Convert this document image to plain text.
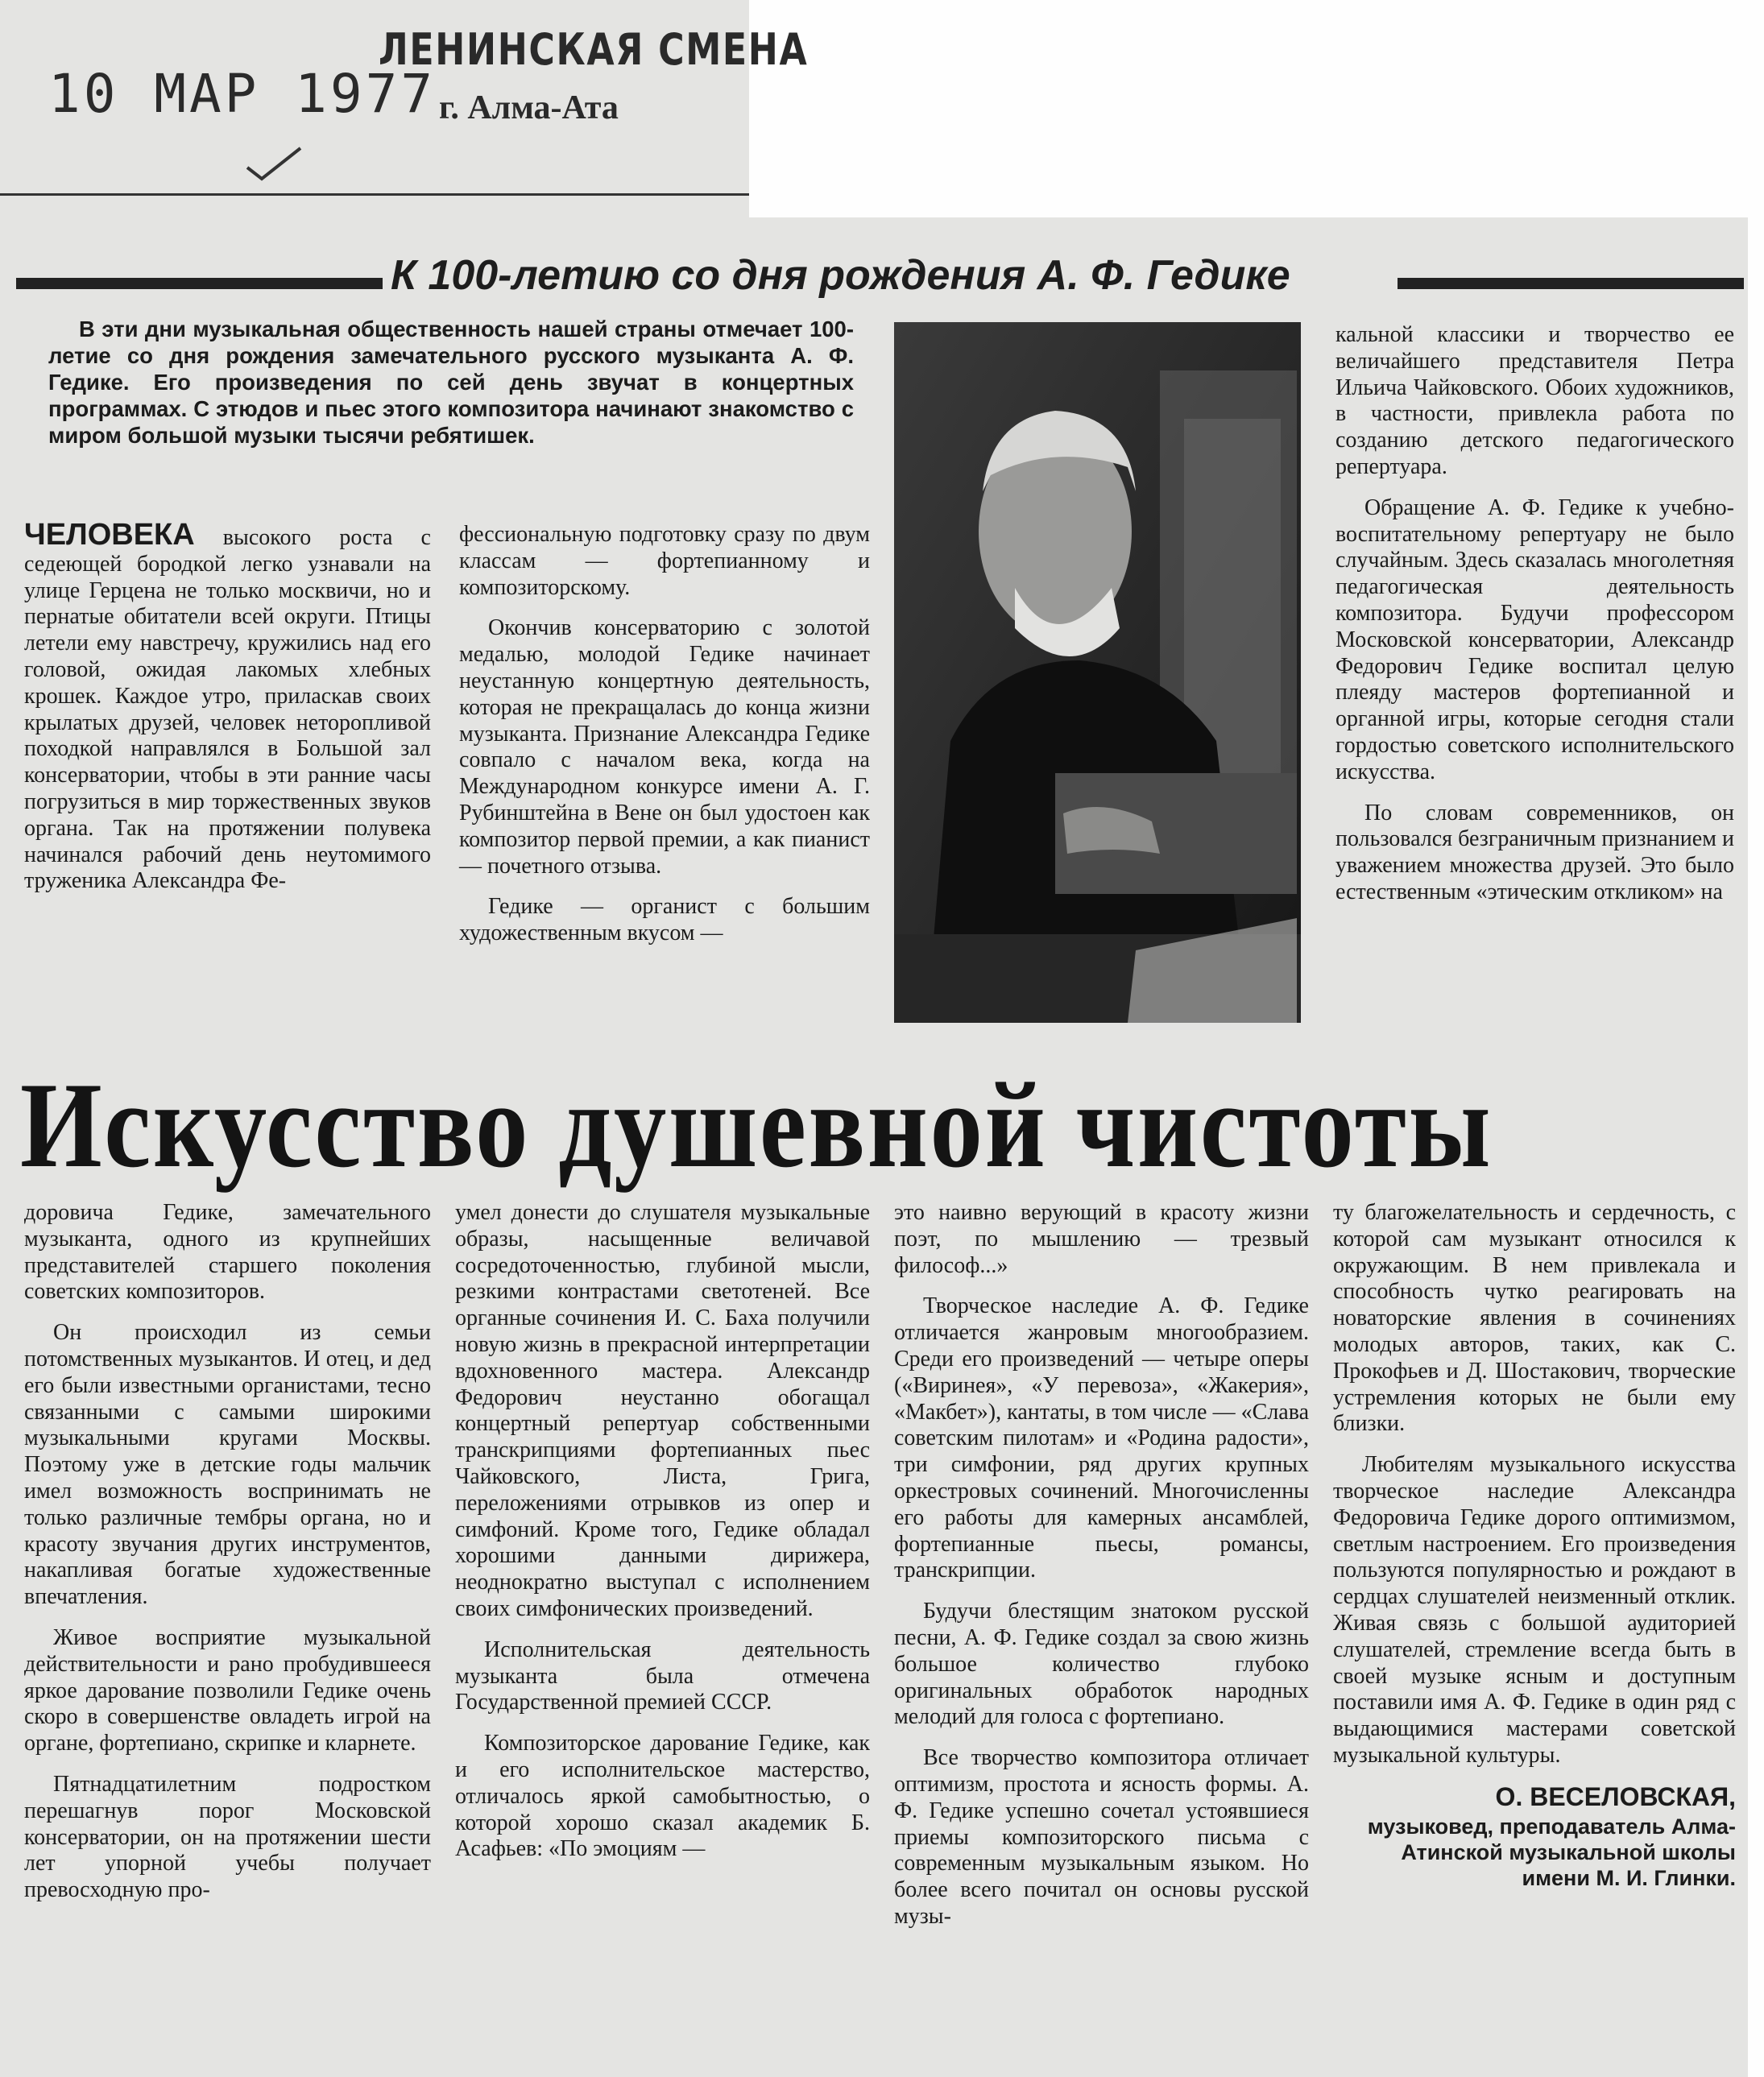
10 МАР 1977
ЛЕНИНСКАЯ СМЕНА
г. Алма-Ата
К 100-летию со дня рождения А. Ф. Гедике
В эти дни музыкальная общественность нашей страны отмечает 100-летие со дня рождения замечательного русского музыканта А. Ф. Гедике. Его произведения по сей день звучат в концертных программах. С этюдов и пьес этого композитора начинают знакомство с миром большой музыки тысячи ребятишек.

ЧЕЛОВЕКА высокого роста с седеющей бородкой легко узнавали на улице Герцена не только москвичи, но и пернатые обитатели всей округи. Птицы летели ему навстречу, кружились над его головой, ожидая лакомых хлебных крошек. Каждое утро, приласкав своих крылатых друзей, человек неторопливой походкой направлялся в Большой зал консерватории, чтобы в эти ранние часы погрузиться в мир торжественных звуков органа. Так на протяжении полувека начинался рабочий день неутомимого труженика Александра Фе-

фессиональную подготовку сразу по двум классам — фортепианному и композиторскому.

Окончив консерваторию с золотой медалью, молодой Гедике начинает неустанную концертную деятельность, которая не прекращалась до конца жизни музыканта. Признание Александра Гедике совпало с началом века, когда на Международном конкурсе имени А. Г. Рубинштейна в Вене он был удостоен как композитор первой премии, а как пианист — почетного отзыва.

Гедике — органист с большим художественным вкусом —

кальной классики и творчество ее величайшего представителя Петра Ильича Чайковского. Обоих художников, в частности, привлекла работа по созданию детского педагогического репертуара.

Обращение А. Ф. Гедике к учебно-воспитательному репертуару не было случайным. Здесь сказалась многолетняя педагогическая деятельность композитора. Будучи профессором Московской консерватории, Александр Федорович Гедике воспитал целую плеяду мастеров фортепианной и органной игры, которые сегодня стали гордостью советского исполнительского искусства.

По словам современников, он пользовался безграничным признанием и уважением множества друзей. Это было естественным «этическим откликом» на

Искусство душевной чистоты

доровича Гедике, замечательного музыканта, одного из крупнейших представителей старшего поколения советских композиторов.

Он происходил из семьи потомственных музыкантов. И отец, и дед его были известными органистами, тесно связанными с самыми широкими музыкальными кругами Москвы. Поэтому уже в детские годы мальчик имел возможность воспринимать не только различные тембры органа, но и красоту звучания других инструментов, накапливая богатые художественные впечатления.

Живое восприятие музыкальной действительности и рано пробудившееся яркое дарование позволили Гедике очень скоро в совершенстве овладеть игрой на органе, фортепиано, скрипке и кларнете.

Пятнадцатилетним подростком перешагнув порог Московской консерватории, он на протяжении шести лет упорной учебы получает превосходную про-

умел донести до слушателя музыкальные образы, насыщенные величавой сосредоточенностью, глубиной мысли, резкими контрастами светотеней. Все органные сочинения И. С. Баха получили новую жизнь в прекрасной интерпретации вдохновенного мастера. Александр Федорович неустанно обогащал концертный репертуар собственными транскрипциями фортепианных пьес Чайковского, Листа, Грига, переложениями отрывков из опер и симфоний. Кроме того, Гедике обладал хорошими данными дирижера, неоднократно выступал с исполнением своих симфонических произведений.

Исполнительская деятельность музыканта была отмечена Государственной премией СССР.

Композиторское дарование Гедике, как и его исполнительское мастерство, отличалось яркой самобытностью, о которой хорошо сказал академик Б. Асафьев: «По эмоциям —

это наивно верующий в красоту жизни поэт, по мышлению — трезвый философ...»

Творческое наследие А. Ф. Гедике отличается жанровым многообразием. Среди его произведений — четыре оперы («Виринея», «У перевоза», «Жакерия», «Макбет»), кантаты, в том числе — «Слава советским пилотам» и «Родина радости», три симфонии, ряд других крупных оркестровых сочинений. Многочисленны его работы для камерных ансамблей, фортепианные пьесы, романсы, транскрипции.

Будучи блестящим знатоком русской песни, А. Ф. Гедике создал за свою жизнь большое количество глубоко оригинальных обработок народных мелодий для голоса с фортепиано.

Все творчество композитора отличает оптимизм, простота и ясность формы. А. Ф. Гедике успешно сочетал устоявшиеся приемы композиторского письма с современным музыкальным языком. Но более всего почитал он основы русской музы-

ту благожелательность и сердечность, с которой сам музыкант относился к окружающим. В нем привлекала и способность чутко реагировать на новаторские явления в сочинениях молодых авторов, таких, как С. Прокофьев и Д. Шостакович, творческие устремления которых не были ему близки.

Любителям музыкального искусства творческое наследие Александра Федоровича Гедике дорого оптимизмом, светлым настроением. Его произведения пользуются популярностью и рождают в сердцах слушателей неизменный отклик. Живая связь с большой аудиторией слушателей, стремление всегда быть в своей музыке ясным и доступным поставили имя А. Ф. Гедике в один ряд с выдающимися мастерами советской музыкальной культуры.

О. ВЕСЕЛОВСКАЯ,

музыковед, преподаватель Алма-Атинской музыкальной школы имени М. И. Глинки.
